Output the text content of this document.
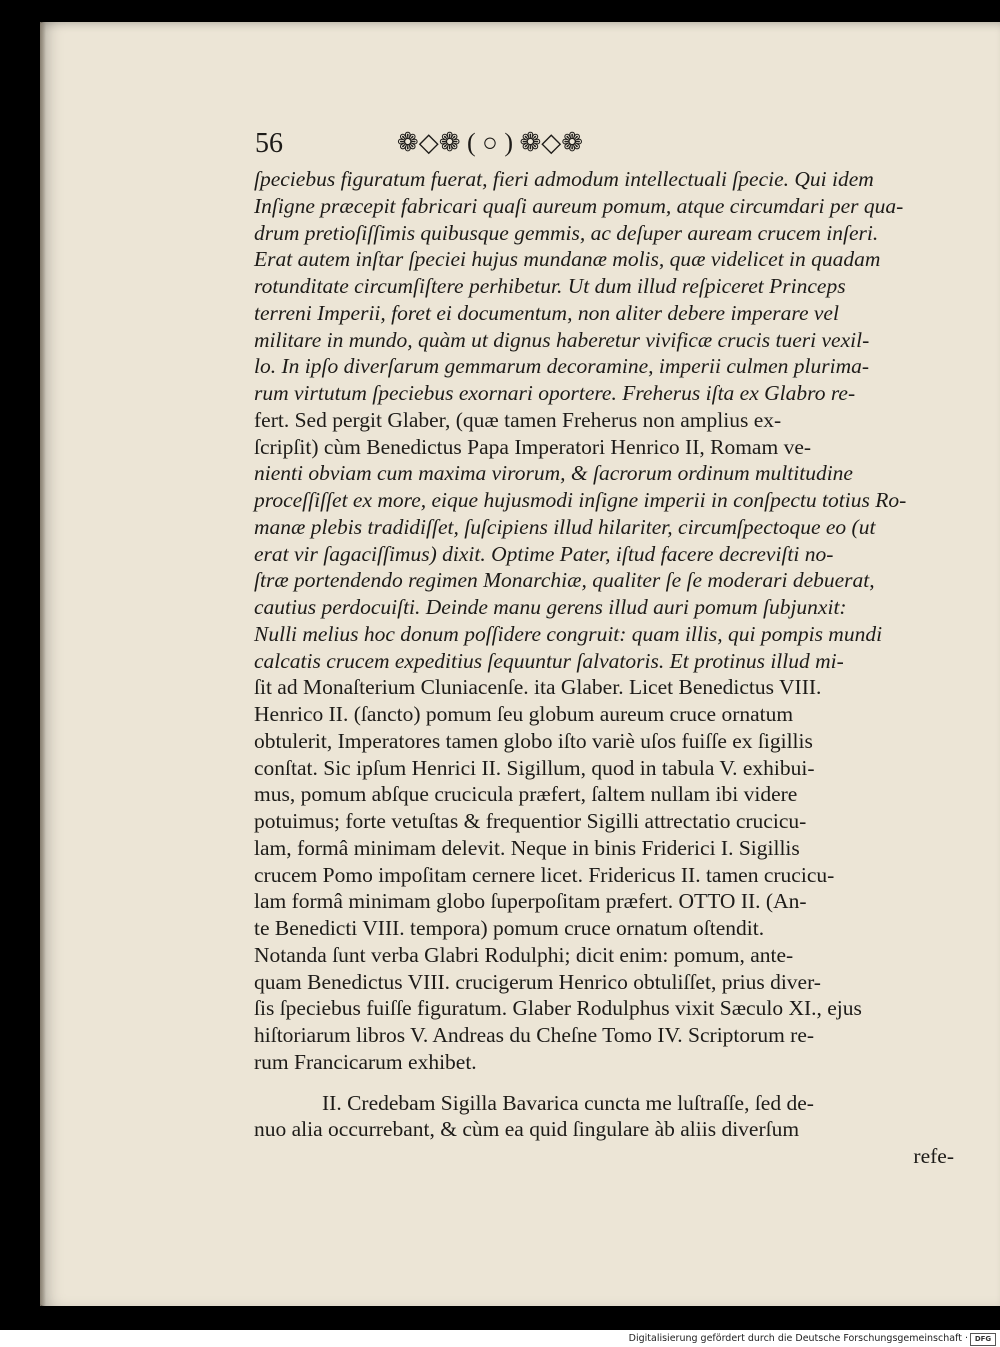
56	❁◇❁ ( ○ ) ❁◇❁
ſpeciebus figuratum fuerat, fieri admodum intellectuali ſpecie. Qui idem
Inſigne præcepit fabricari quaſi aureum pomum, atque circumdari per qua-
drum pretioſiſſimis quibusque gemmis, ac deſuper auream crucem inſeri.
Erat autem inſtar ſpeciei hujus mundanæ molis, quæ videlicet in quadam
rotunditate circumſiſtere perhibetur. Ut dum illud reſpiceret Princeps
terreni Imperii, foret ei documentum, non aliter debere imperare vel
militare in mundo, quàm ut dignus haberetur vivificæ crucis tueri vexil-
lo. In ipſo diverſarum gemmarum decoramine, imperii culmen plurima-
rum virtutum ſpeciebus exornari oportere. Freherus iſta ex Glabro re-
fert. Sed pergit Glaber, (quæ tamen Freherus non amplius ex-
ſcripſit) cùm Benedictus Papa Imperatori Henrico II, Romam ve-
nienti obviam cum maxima virorum, & ſacrorum ordinum multitudine
proceſſiſſet ex more, eique hujusmodi inſigne imperii in conſpectu totius Ro-
manæ plebis tradidiſſet, ſuſcipiens illud hilariter, circumſpectoque eo (ut
erat vir ſagaciſſimus) dixit. Optime Pater, iſtud facere decreviſti no-
ſtræ portendendo regimen Monarchiæ, qualiter ſe ſe moderari debuerat,
cautius perdocuiſti. Deinde manu gerens illud auri pomum ſubjunxit:
Nulli melius hoc donum poſſidere congruit: quam illis, qui pompis mundi
calcatis crucem expeditius ſequuntur ſalvatoris. Et protinus illud mi-
ſit ad Monaſterium Cluniacenſe. ita Glaber. Licet Benedictus VIII.
Henrico II. (ſancto) pomum ſeu globum aureum cruce ornatum
obtulerit, Imperatores tamen globo iſto variè uſos fuiſſe ex ſigillis
conſtat. Sic ipſum Henrici II. Sigillum, quod in tabula V. exhibui-
mus, pomum abſque crucicula præfert, ſaltem nullam ibi videre
potuimus; forte vetuſtas & frequentior Sigilli attrectatio crucicu-
lam, formâ minimam delevit. Neque in binis Friderici I. Sigillis
crucem Pomo impoſitam cernere licet. Fridericus II. tamen crucicu-
lam formâ minimam globo ſuperpoſitam præfert. OTTO II. (An-
te Benedicti VIII. tempora) pomum cruce ornatum oſtendit.
Notanda ſunt verba Glabri Rodulphi; dicit enim: pomum, ante-
quam Benedictus VIII. crucigerum Henrico obtuliſſet, prius diver-
ſis ſpeciebus fuiſſe figuratum. Glaber Rodulphus vixit Sæculo XI., ejus
hiſtoriarum libros V. Andreas du Cheſne Tomo IV. Scriptorum re-
rum Francicarum exhibet.
II. Credebam Sigilla Bavarica cuncta me luſtraſſe, ſed de-
nuo alia occurrebant, & cùm ea quid ſingulare àb aliis diverſum
refe-
Digitalisierung gefördert durch die Deutsche Forschungsgemeinschaft · DFG
